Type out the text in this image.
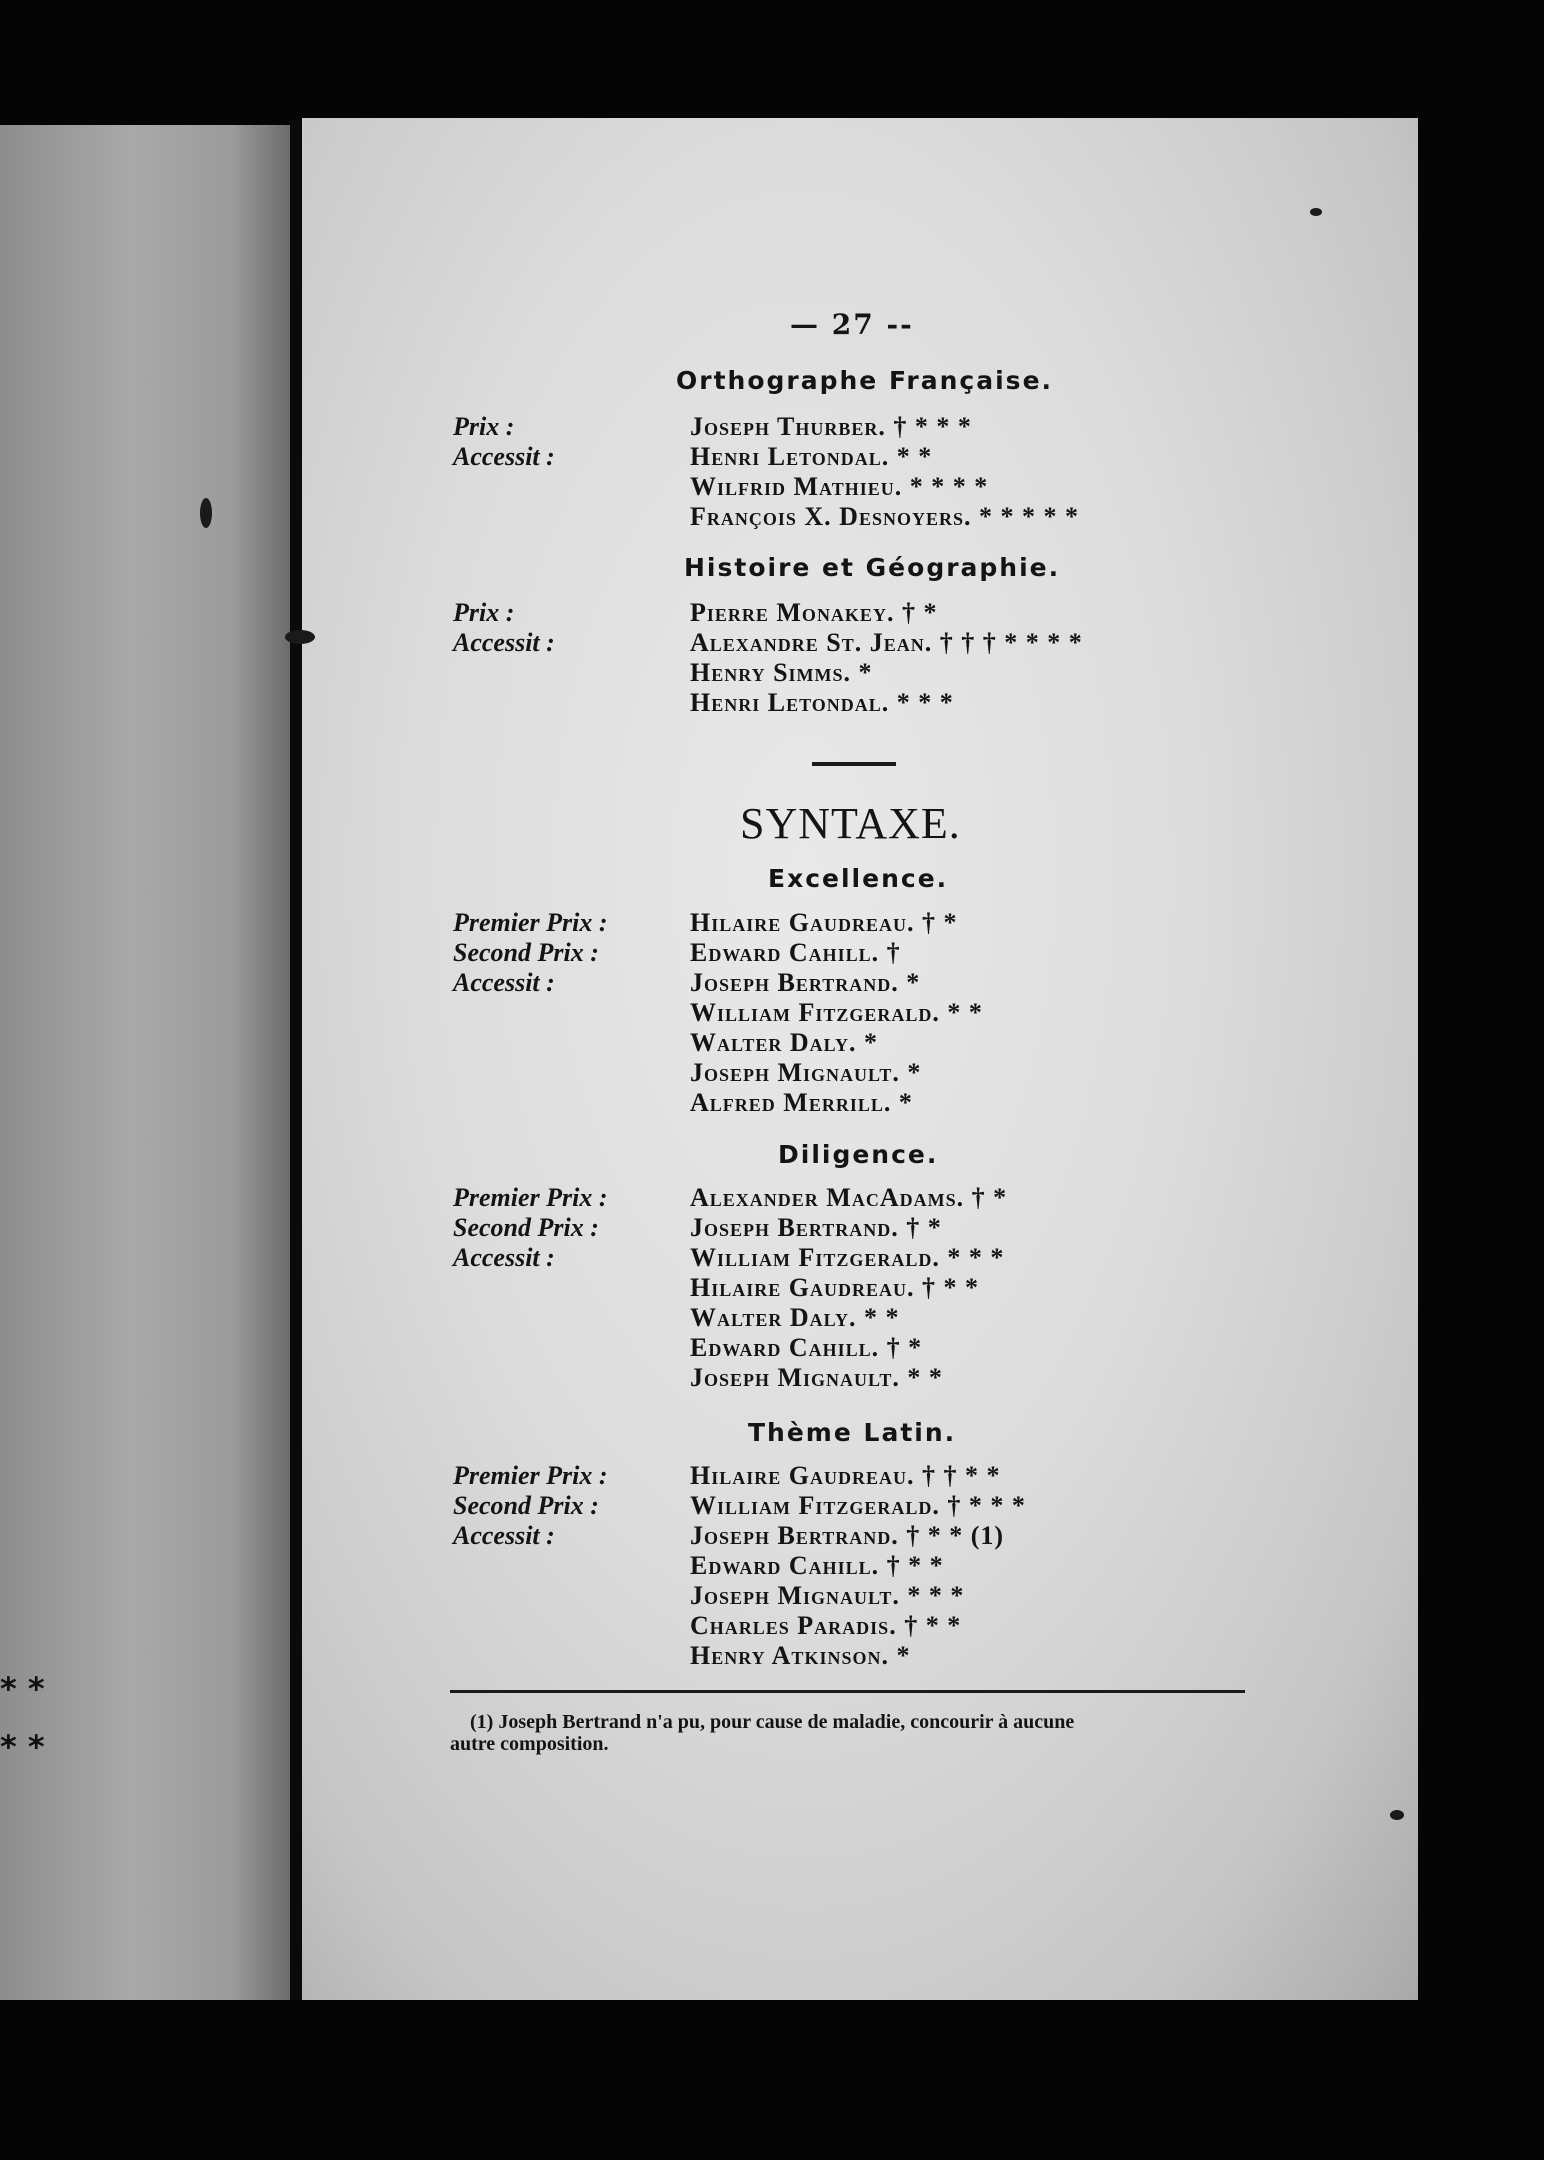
* *
* *
— 27 --
Orthographe Française.
Prix :	Joseph Thurber. † * * *
Accessit :	Henri Letondal. * *
Wilfrid Mathieu. * * * *
François X. Desnoyers. * * * * *
Histoire et Géographie.
Prix :	Pierre Monakey. † *
Accessit :	Alexandre St. Jean. † † † * * * *
Henry Simms. *
Henri Letondal. * * *
SYNTAXE.
Excellence.
Premier Prix :	Hilaire Gaudreau. † *
Second Prix :	Edward Cahill. †
Accessit :	Joseph Bertrand. *
William Fitzgerald. * *
Walter Daly. *
Joseph Mignault. *
Alfred Merrill. *
Diligence.
Premier Prix :	Alexander MacAdams. † *
Second Prix :	Joseph Bertrand. † *
Accessit :	William Fitzgerald. * * *
Hilaire Gaudreau. † * *
Walter Daly. * *
Edward Cahill. † *
Joseph Mignault. * *
Thème Latin.
Premier Prix :	Hilaire Gaudreau. † † * *
Second Prix :	William Fitzgerald. † * * *
Accessit :	Joseph Bertrand. † * * (1)
Edward Cahill. † * *
Joseph Mignault. * * *
Charles Paradis. † * *
Henry Atkinson. *
(1) Joseph Bertrand n'a pu, pour cause de maladie, concourir à aucune
autre composition.
